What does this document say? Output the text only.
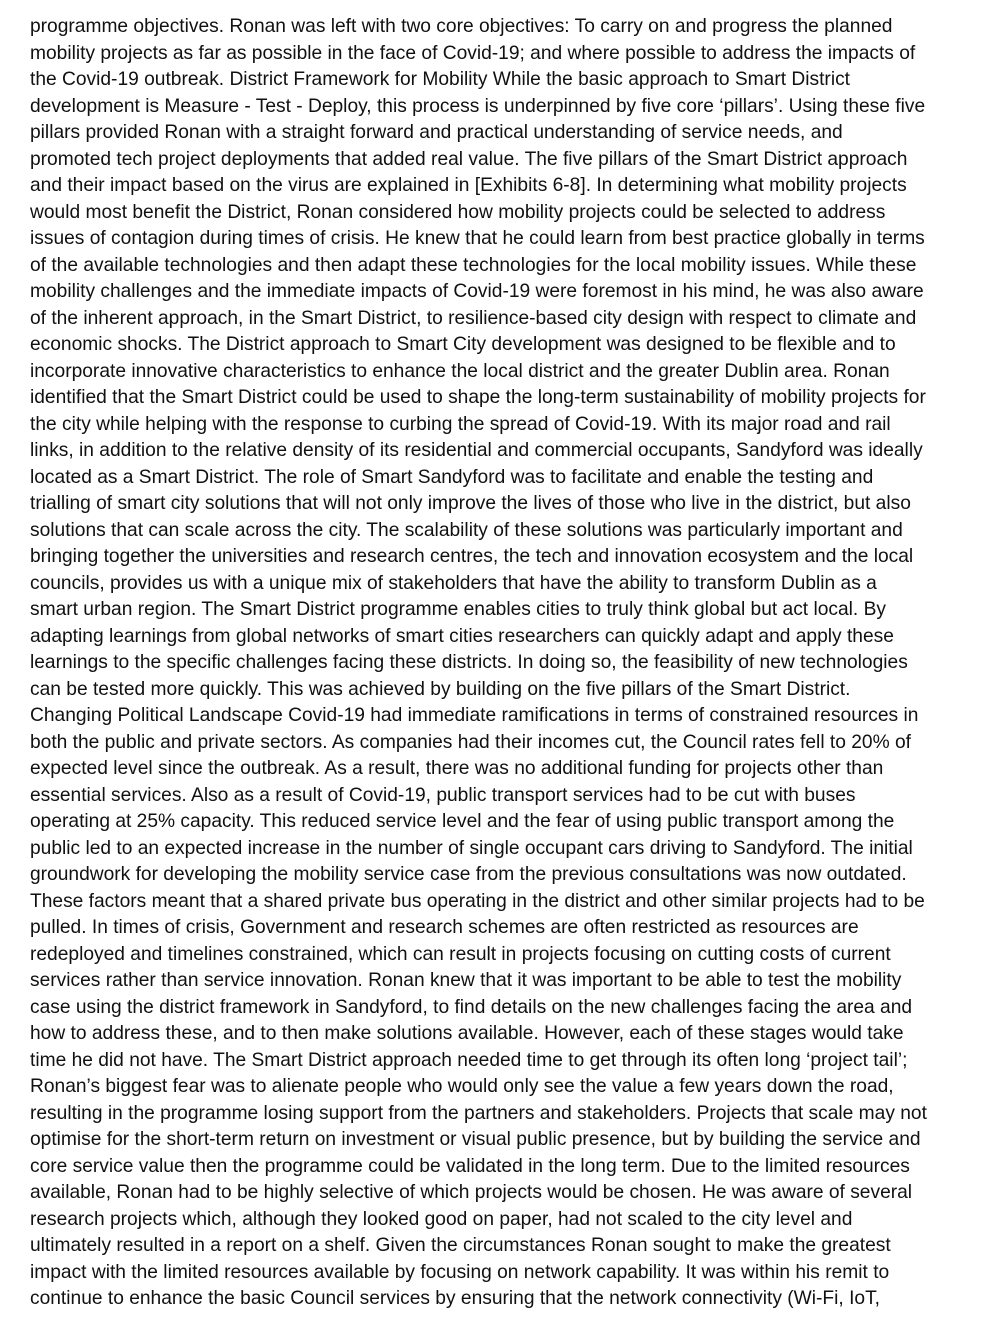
programme objectives. Ronan was left with two core objectives: To carry on and progress the planned
mobility projects as far as possible in the face of Covid-19; and where possible to address the impacts of
the Covid-19 outbreak. District Framework for Mobility While the basic approach to Smart District
development is Measure - Test - Deploy, this process is underpinned by five core ‘pillars’. Using these five
pillars provided Ronan with a straight forward and practical understanding of service needs, and
promoted tech project deployments that added real value. The five pillars of the Smart District approach
and their impact based on the virus are explained in [Exhibits 6-8]. In determining what mobility projects
would most benefit the District, Ronan considered how mobility projects could be selected to address
issues of contagion during times of crisis. He knew that he could learn from best practice globally in terms
of the available technologies and then adapt these technologies for the local mobility issues. While these
mobility challenges and the immediate impacts of Covid-19 were foremost in his mind, he was also aware
of the inherent approach, in the Smart District, to resilience-based city design with respect to climate and
economic shocks. The District approach to Smart City development was designed to be flexible and to
incorporate innovative characteristics to enhance the local district and the greater Dublin area. Ronan
identified that the Smart District could be used to shape the long-term sustainability of mobility projects for
the city while helping with the response to curbing the spread of Covid-19. With its major road and rail
links, in addition to the relative density of its residential and commercial occupants, Sandyford was ideally
located as a Smart District. The role of Smart Sandyford was to facilitate and enable the testing and
trialling of smart city solutions that will not only improve the lives of those who live in the district, but also
solutions that can scale across the city. The scalability of these solutions was particularly important and
bringing together the universities and research centres, the tech and innovation ecosystem and the local
councils, provides us with a unique mix of stakeholders that have the ability to transform Dublin as a
smart urban region. The Smart District programme enables cities to truly think global but act local. By
adapting learnings from global networks of smart cities researchers can quickly adapt and apply these
learnings to the specific challenges facing these districts. In doing so, the feasibility of new technologies
can be tested more quickly. This was achieved by building on the five pillars of the Smart District.
Changing Political Landscape Covid-19 had immediate ramifications in terms of constrained resources in
both the public and private sectors. As companies had their incomes cut, the Council rates fell to 20% of
expected level since the outbreak. As a result, there was no additional funding for projects other than
essential services. Also as a result of Covid-19, public transport services had to be cut with buses
operating at 25% capacity. This reduced service level and the fear of using public transport among the
public led to an expected increase in the number of single occupant cars driving to Sandyford. The initial
groundwork for developing the mobility service case from the previous consultations was now outdated.
These factors meant that a shared private bus operating in the district and other similar projects had to be
pulled. In times of crisis, Government and research schemes are often restricted as resources are
redeployed and timelines constrained, which can result in projects focusing on cutting costs of current
services rather than service innovation. Ronan knew that it was important to be able to test the mobility
case using the district framework in Sandyford, to find details on the new challenges facing the area and
how to address these, and to then make solutions available. However, each of these stages would take
time he did not have. The Smart District approach needed time to get through its often long ‘project tail’;
Ronan’s biggest fear was to alienate people who would only see the value a few years down the road,
resulting in the programme losing support from the partners and stakeholders. Projects that scale may not
optimise for the short-term return on investment or visual public presence, but by building the service and
core service value then the programme could be validated in the long term. Due to the limited resources
available, Ronan had to be highly selective of which projects would be chosen. He was aware of several
research projects which, although they looked good on paper, had not scaled to the city level and
ultimately resulted in a report on a shelf. Given the circumstances Ronan sought to make the greatest
impact with the limited resources available by focusing on network capability. It was within his remit to
continue to enhance the basic Council services by ensuring that the network connectivity (Wi-Fi, IoT,
